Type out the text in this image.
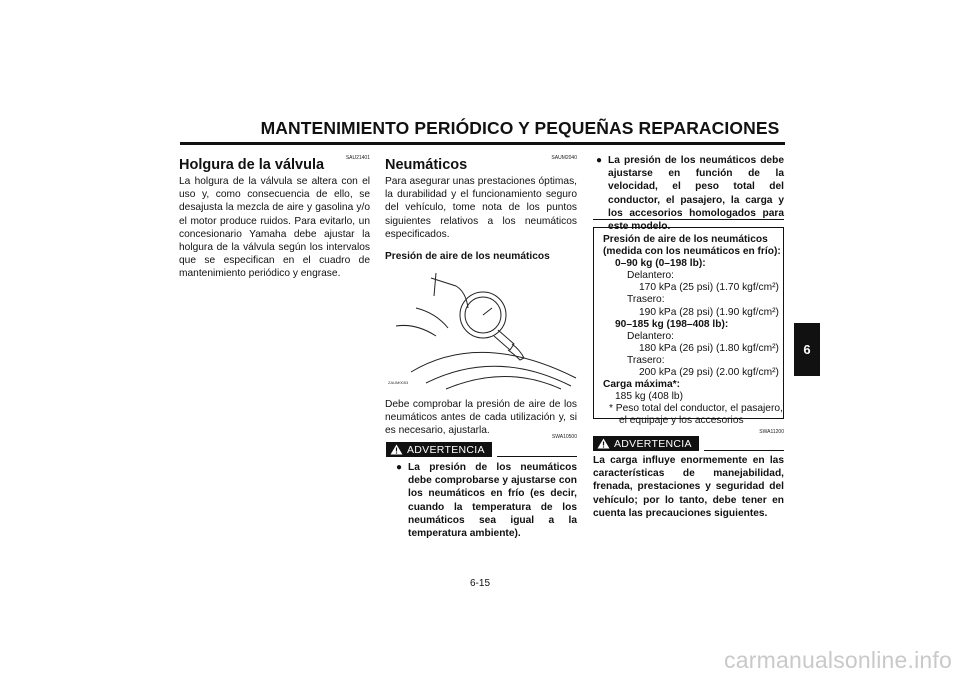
MANTENIMIENTO PERIÓDICO Y PEQUEÑAS REPARACIONES
6
SAU21401
Holgura de la válvula
La holgura de la válvula se altera con el uso y, como consecuencia de ello, se desajusta la mezcla de aire y gasolina y/o el motor produce ruidos. Para evitarlo, un concesionario Yamaha debe ajustar la holgura de la válvula según los intervalos que se especifican en el cuadro de mantenimiento periódico y engrase.
SAUM2040
Neumáticos
Para asegurar unas prestaciones óptimas, la durabilidad y el funcionamiento seguro del vehículo, tome nota de los puntos siguientes relativos a los neumáticos especificados.
Presión de aire de los neumáticos
ZAUM0053
Debe comprobar la presión de aire de los neumáticos antes de cada utilización y, si es necesario, ajustarla.
SWA10500
ADVERTENCIA
● La presión de los neumáticos debe comprobarse y ajustarse con los neumáticos en frío (es decir, cuando la temperatura de los neumáticos sea igual a la temperatura ambiente).
● La presión de los neumáticos debe ajustarse en función de la velocidad, el peso total del conductor, el pasajero, la carga y los accesorios homologados para este modelo.
Presión de aire de los neumáticos
(medida con los neumáticos en frío):
0–90 kg (0–198 lb):
Delantero:
170 kPa (25 psi) (1.70 kgf/cm²)
Trasero:
190 kPa (28 psi) (1.90 kgf/cm²)
90–185 kg (198–408 lb):
Delantero:
180 kPa (26 psi) (1.80 kgf/cm²)
Trasero:
200 kPa (29 psi) (2.00 kgf/cm²)
Carga máxima*:
185 kg (408 lb)
* Peso total del conductor, el pasajero,
el equipaje y los accesorios
SWA11200
ADVERTENCIA
La carga influye enormemente en las características de manejabilidad, frenada, prestaciones y seguridad del vehículo; por lo tanto, debe tener en cuenta las precauciones siguientes.
6-15
carmanualsonline.info
